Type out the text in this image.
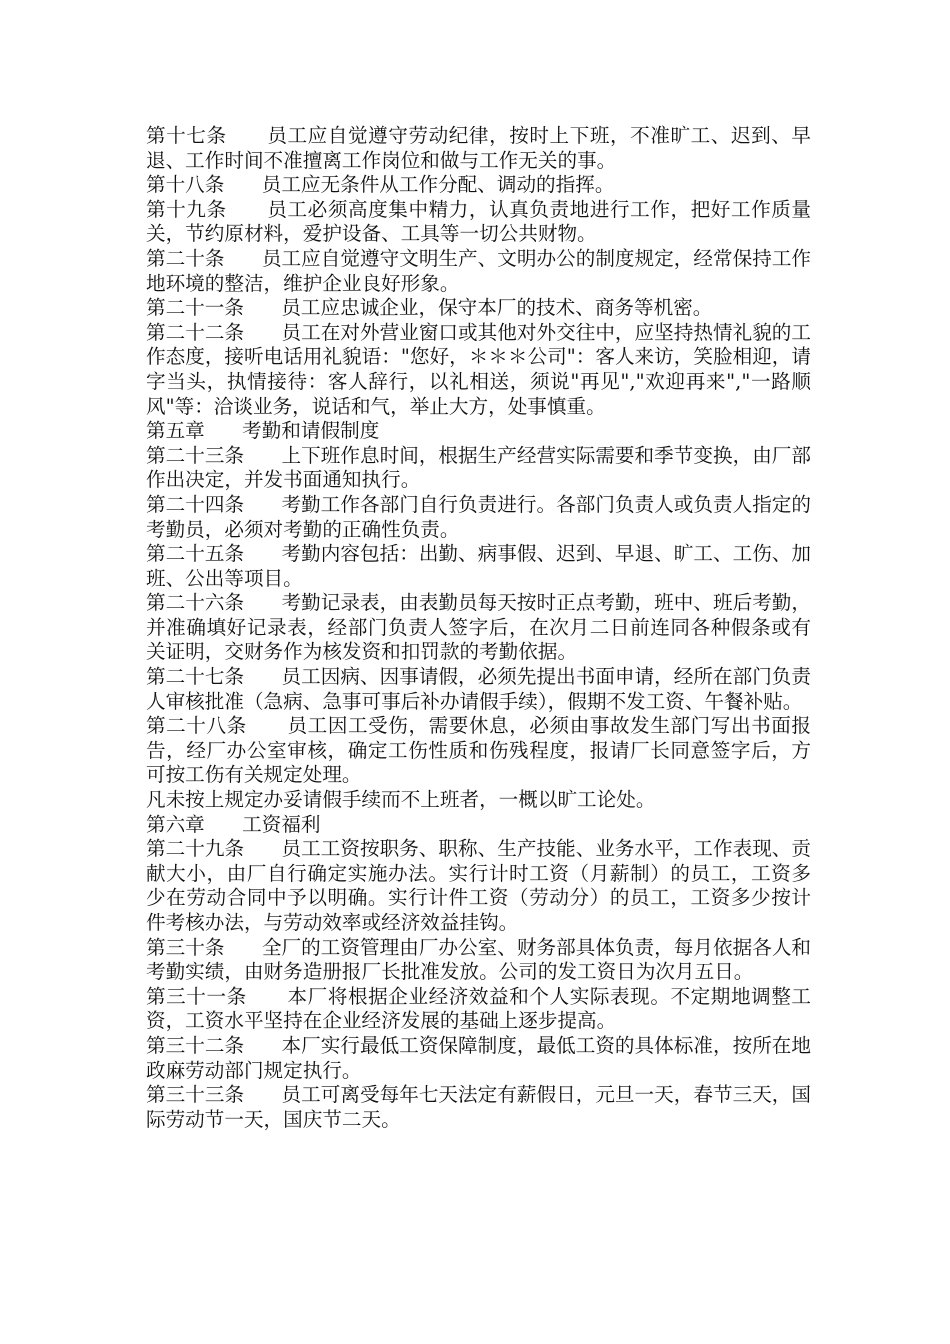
第十七条 员工应自觉遵守劳动纪律，按时上下班，不准旷工、迟到、早退、工作时间不准擅离工作岗位和做与工作无关的事。

第十八条 员工应无条件从工作分配、调动的指挥。

第十九条 员工必须高度集中精力，认真负责地进行工作，把好工作质量关，节约原材料，爱护设备、工具等一切公共财物。

第二十条 员工应自觉遵守文明生产、文明办公的制度规定，经常保持工作地环境的整洁，维护企业良好形象。

第二十一条 员工应忠诚企业，保守本厂的技术、商务等机密。

第二十二条 员工在对外营业窗口或其他对外交往中，应坚持热情礼貌的工作态度，接听电话用礼貌语："您好，＊＊＊公司"：客人来访，笑脸相迎，请字当头，执情接待：客人辞行，以礼相送，须说"再见","欢迎再来","一路顺风"等：洽谈业务，说话和气，举止大方，处事慎重。

第五章 考勤和请假制度

第二十三条 上下班作息时间，根据生产经营实际需要和季节变换，由厂部作出决定，并发书面通知执行。

第二十四条 考勤工作各部门自行负责进行。各部门负责人或负责人指定的考勤员，必须对考勤的正确性负责。

第二十五条 考勤内容包括：出勤、病事假、迟到、早退、旷工、工伤、加班、公出等项目。

第二十六条 考勤记录表，由表勤员每天按时正点考勤，班中、班后考勤，并准确填好记录表，经部门负责人签字后，在次月二日前连同各种假条或有关证明，交财务作为核发资和扣罚款的考勤依据。

第二十七条 员工因病、因事请假，必须先提出书面申请，经所在部门负责人审核批准（急病、急事可事后补办请假手续），假期不发工资、午餐补贴。

第二十八条 员工因工受伤，需要休息，必须由事故发生部门写出书面报告，经厂办公室审核，确定工伤性质和伤残程度，报请厂长同意签字后，方可按工伤有关规定处理。

凡未按上规定办妥请假手续而不上班者，一概以旷工论处。

第六章 工资福利

第二十九条 员工工资按职务、职称、生产技能、业务水平，工作表现、贡献大小，由厂自行确定实施办法。实行计时工资（月薪制）的员工，工资多少在劳动合同中予以明确。实行计件工资（劳动分）的员工，工资多少按计件考核办法，与劳动效率或经济效益挂钩。

第三十条 全厂的工资管理由厂办公室、财务部具体负责，每月依据各人和考勤实绩，由财务造册报厂长批准发放。公司的发工资日为次月五日。

第三十一条 本厂将根据企业经济效益和个人实际表现。不定期地调整工资，工资水平坚持在企业经济发展的基础上逐步提高。

第三十二条 本厂实行最低工资保障制度，最低工资的具体标准，按所在地政麻劳动部门规定执行。

第三十三条 员工可离受每年七天法定有薪假日，元旦一天，春节三天，国际劳动节一天，国庆节二天。
